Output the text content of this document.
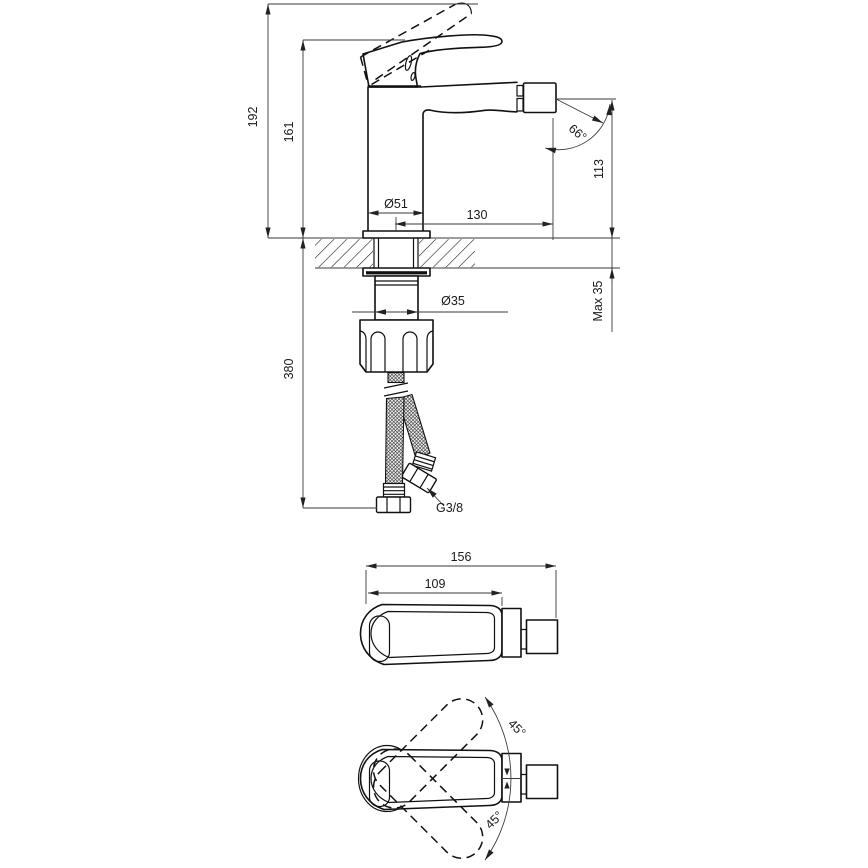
192
161
380
Ø51
130
113
Max 35
66°
Ø35
G3/8
156
109
45°
45°
